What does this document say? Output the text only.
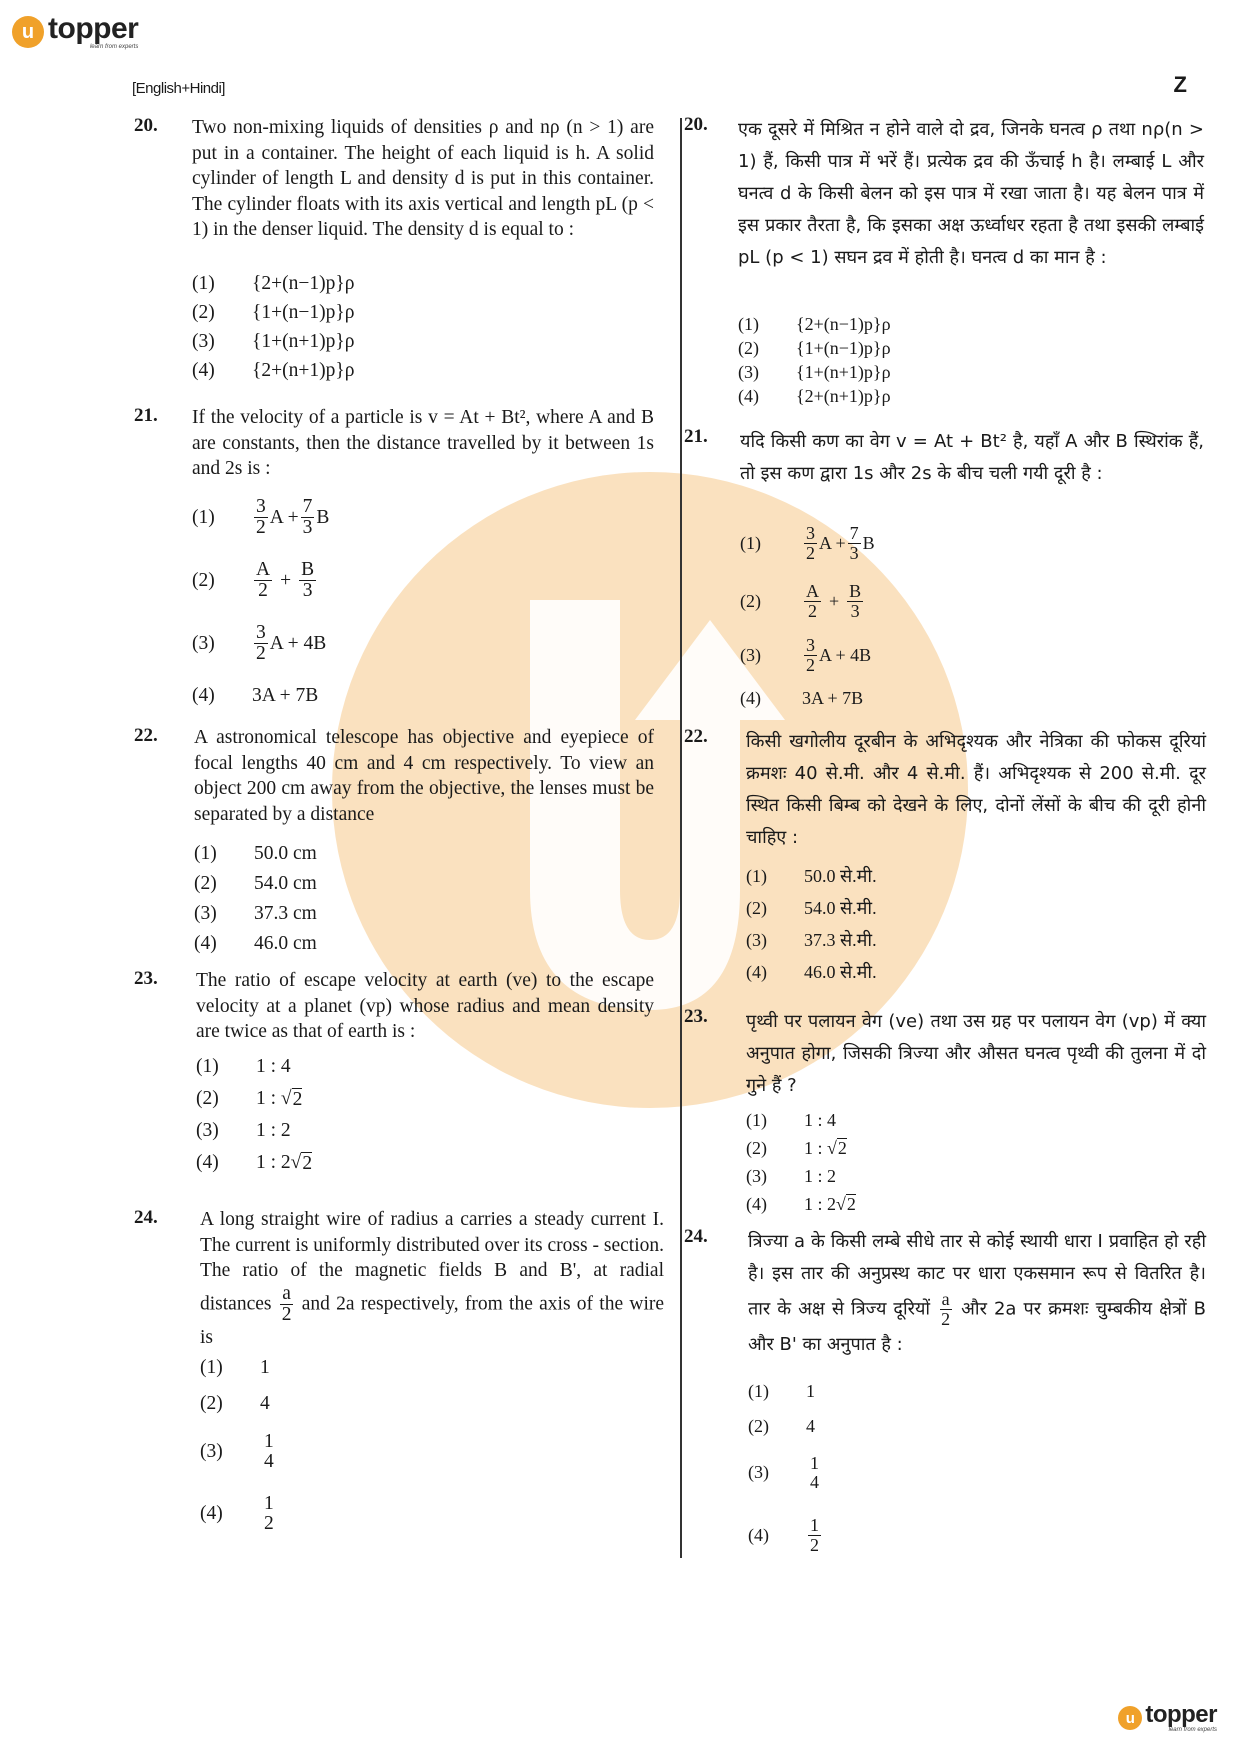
u topper
learn from experts
[English+Hindi]	Z
20. Two non-mixing liquids of densities ρ and nρ (n > 1) are put in a container. The height of each liquid is h. A solid cylinder of length L and density d is put in this container. The cylinder floats with its axis vertical and length pL (p < 1) in the denser liquid. The density d is equal to :
(1)	{2+(n−1)p}ρ
(2)	{1+(n−1)p}ρ
(3)	{1+(n+1)p}ρ
(4)	{2+(n+1)p}ρ
21. If the velocity of a particle is v = At + Bt², where A and B are constants, then the distance travelled by it between 1s and 2s is :
(1)	$\frac{3}{2}$ $A + \frac{7}{3}$ B
(2)	$\frac{A}{2} + \frac{B}{3}$
(3)	$\frac{3}{2}$ A + 4B
(4)	3A + 7B
22. A astronomical telescope has objective and eyepiece of focal lengths 40 cm and 4 cm respectively. To view an object 200 cm away from the objective, the lenses must be separated by a distance
(1)	50.0 cm
(2)	54.0 cm
(3)	37.3 cm
(4)	46.0 cm
23. The ratio of escape velocity at earth (ve) to the escape velocity at a planet (vp) whose radius and mean density are twice as that of earth is :
(1)	1 : 4
(2)	1 : √ 2
(3)	1 : 2
(4)	1 : 2 √ 2
24. A long straight wire of radius a carries a steady current I. The current is uniformly distributed over its cross - section. The ratio of the magnetic fields B and B', at radial distances $\frac{a}{2}$ and 2a respectively, from the axis of the wire is
(1)	1
(2)	4
(3)	1
4
(4)	1
2
20. एक दूसरे में मिश्रित न होने वाले दो द्रव, जिनके घनत्व ρ तथा nρ(n > 1) हैं, किसी पात्र में भरें हैं। प्रत्येक द्रव की ऊँचाई h है। लम्बाई L और घनत्व d के किसी बेलन को इस पात्र में रखा जाता है। यह बेलन पात्र में इस प्रकार तैरता है, कि इसका अक्ष ऊर्ध्वाधर रहता है तथा इसकी लम्बाई pL (p < 1) सघन द्रव में होती है। घनत्व d का मान है :
(1)	{2+(n−1)p}ρ
(2)	{1+(n−1)p}ρ
(3)	{1+(n+1)p}ρ
(4)	{2+(n+1)p}ρ
21. यदि किसी कण का वेग v = At + Bt² है, यहाँ A और B स्थिरांक हैं, तो इस कण द्वारा 1s और 2s के बीच चली गयी दूरी है :
(1)	$\frac{3}{2}$ $A + \frac{7}{3}$ B
(2)	$\frac{A}{2} + \frac{B}{3}$
(3)	$\frac{3}{2}$ A + 4B
(4)	3A + 7B
22. किसी खगोलीय दूरबीन के अभिदृश्यक और नेत्रिका की फोकस दूरियां क्रमशः 40 से.मी. और 4 से.मी. हैं। अभिदृश्यक से 200 से.मी. दूर स्थित किसी बिम्ब को देखने के लिए, दोनों लेंसों के बीच की दूरी होनी चाहिए :
(1)	50.0 से.मी.
(2)	54.0 से.मी.
(3)	37.3 से.मी.
(4)	46.0 से.मी.
23. पृथ्वी पर पलायन वेग (ve) तथा उस ग्रह पर पलायन वेग (vp) में क्या अनुपात होगा, जिसकी त्रिज्या और औसत घनत्व पृथ्वी की तुलना में दो गुने हैं ?
(1)	1 : 4
(2)	1 : √ 2
(3)	1 : 2
(4)	1 : 2 √ 2
24. त्रिज्या a के किसी लम्बे सीधे तार से कोई स्थायी धारा I प्रवाहित हो रही है। इस तार की अनुप्रस्थ काट पर धारा एकसमान रूप से वितरित है। तार के अक्ष से त्रिज्य दूरियों $\frac{a}{2}$ और 2a पर क्रमशः चुम्बकीय क्षेत्रों B और B' का अनुपात है :
(1)	1
(2)	4
(3)	1
4
(4)	$\frac{1}{2}$
u topper
learn from experts
